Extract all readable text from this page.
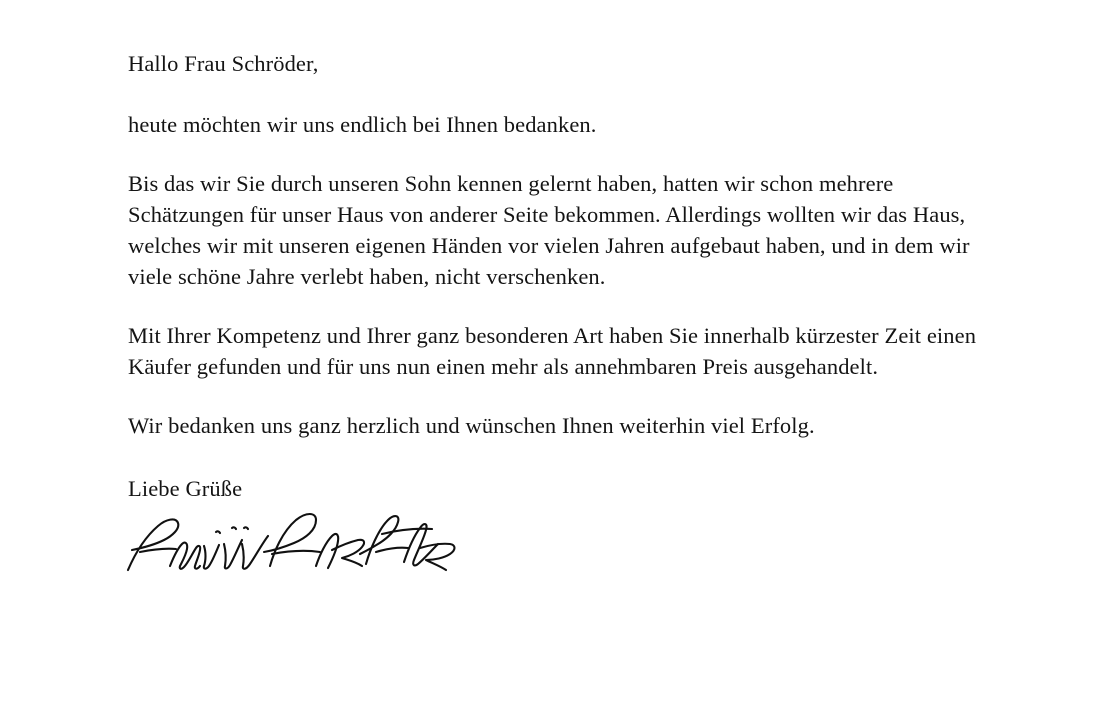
Hallo Frau Schröder,

heute möchten wir uns endlich bei Ihnen bedanken.

Bis das wir Sie durch unseren Sohn kennen gelernt haben, hatten wir schon mehrere Schätzungen für unser Haus von anderer Seite bekommen. Allerdings wollten wir das Haus, welches wir mit unseren eigenen Händen vor vielen Jahren aufgebaut haben, und in dem wir viele schöne Jahre verlebt haben, nicht verschenken.

Mit Ihrer Kompetenz und Ihrer ganz besonderen Art haben Sie innerhalb kürzester Zeit einen Käufer gefunden und für uns nun einen mehr als annehmbaren Preis ausgehandelt.

Wir bedanken uns ganz herzlich und wünschen Ihnen weiterhin viel Erfolg.

Liebe Grüße
